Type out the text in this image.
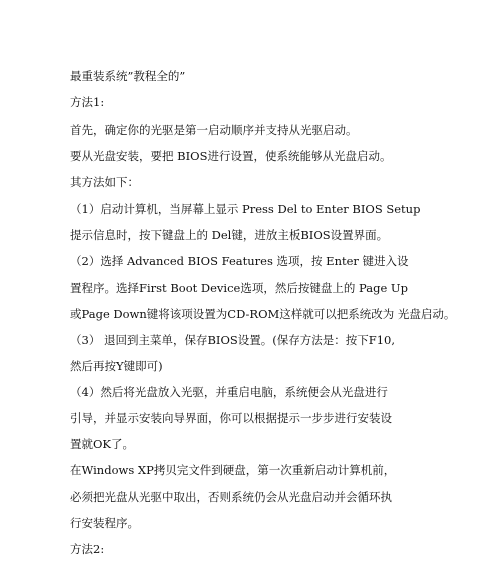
最重装系统”教程全的”
方法1:
首先，确定你的光驱是第一启动顺序并支持从光驱启动。
要从光盘安装，要把 BIOS进行设置，使系统能够从光盘启动。
其方法如下：
（1）启动计算机，当屏幕上显示 Press Del to Enter BIOS Setup
提示信息时，按下键盘上的 Del键，进放主板BIOS设置界面。
（2）选择 Advanced BIOS Features 选项，按 Enter 键进入设
置程序。选择First Boot Device选项，然后按键盘上的 Page Up
或Page Down键将该项设置为CD-ROM这样就可以把系统改为 光盘启动。
（3） 退回到主菜单，保存BIOS设置。(保存方法是：按下F10,
然后再按Y键即可)
（4）然后将光盘放入光驱，并重启电脑，系统便会从光盘进行
引导，并显示安装向导界面，你可以根据提示一步步进行安装设
置就OK了。
在Windows XP拷贝完文件到硬盘，第一次重新启动计算机前，
必须把光盘从光驱中取出，否则系统仍会从光盘启动并会循环执
行安装程序。
方法2:
